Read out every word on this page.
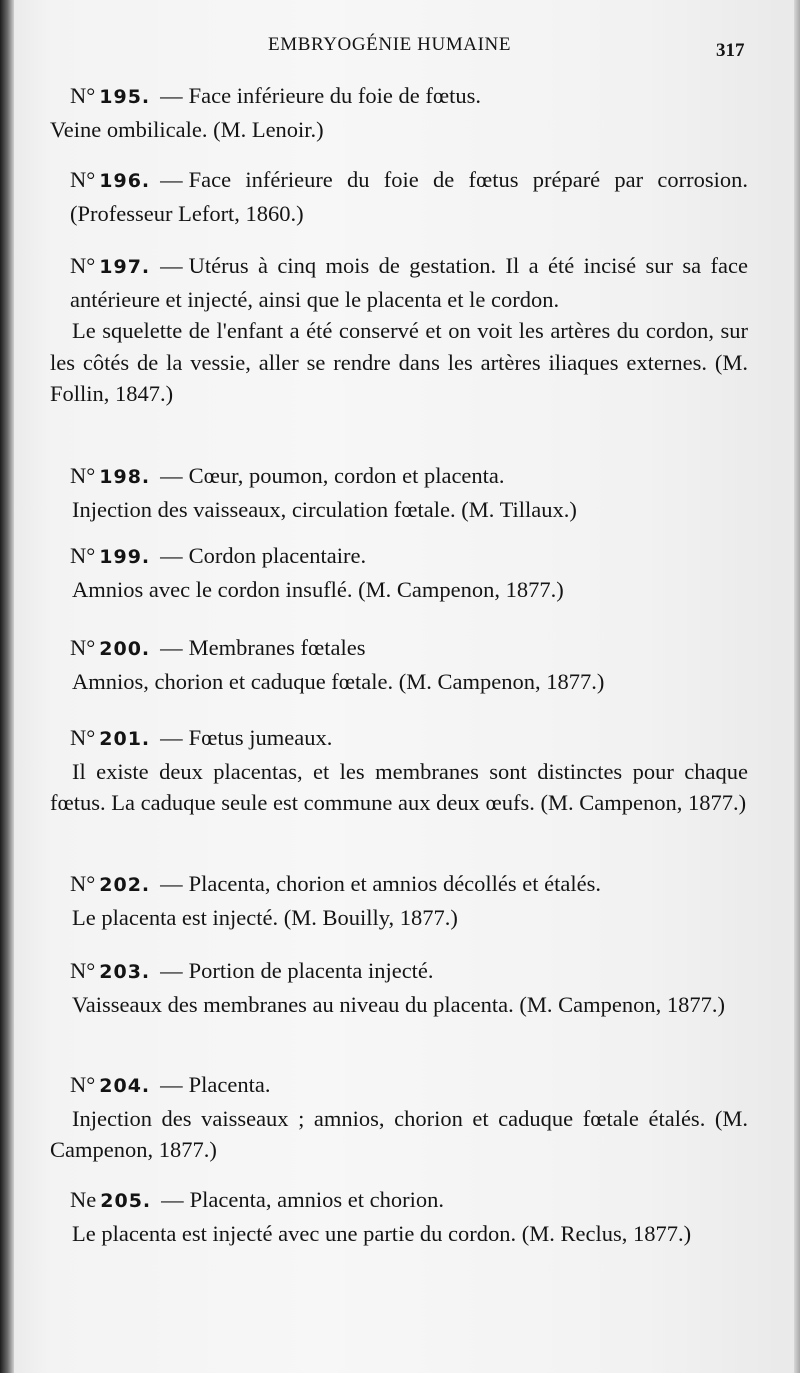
EMBRYOGÉNIE HUMAINE	317

N° 195. — Face inférieure du foie de fœtus.

Veine ombilicale. (M. Lenoir.)

N° 196. — Face inférieure du foie de fœtus préparé par corrosion. (Professeur Lefort, 1860.)

N° 197. — Utérus à cinq mois de gestation. Il a été incisé sur sa face antérieure et injecté, ainsi que le placenta et le cordon.

Le squelette de l'enfant a été conservé et on voit les artères du cordon, sur les côtés de la vessie, aller se rendre dans les artères iliaques externes. (M. Follin, 1847.)

N° 198. — Cœur, poumon, cordon et placenta.

Injection des vaisseaux, circulation fœtale. (M. Tillaux.)

N° 199. — Cordon placentaire.

Amnios avec le cordon insuflé. (M. Campenon, 1877.)

N° 200. — Membranes fœtales

Amnios, chorion et caduque fœtale. (M. Campenon, 1877.)

N° 201. — Fœtus jumeaux.

Il existe deux placentas, et les membranes sont distinctes pour chaque fœtus. La caduque seule est commune aux deux œufs. (M. Campenon, 1877.)

N° 202. — Placenta, chorion et amnios décollés et étalés.

Le placenta est injecté. (M. Bouilly, 1877.)

N° 203. — Portion de placenta injecté.

Vaisseaux des membranes au niveau du placenta. (M. Campenon, 1877.)

N° 204. — Placenta.

Injection des vaisseaux ; amnios, chorion et caduque fœtale étalés. (M. Campenon, 1877.)

Ne 205. — Placenta, amnios et chorion.

Le placenta est injecté avec une partie du cordon. (M. Reclus, 1877.)
